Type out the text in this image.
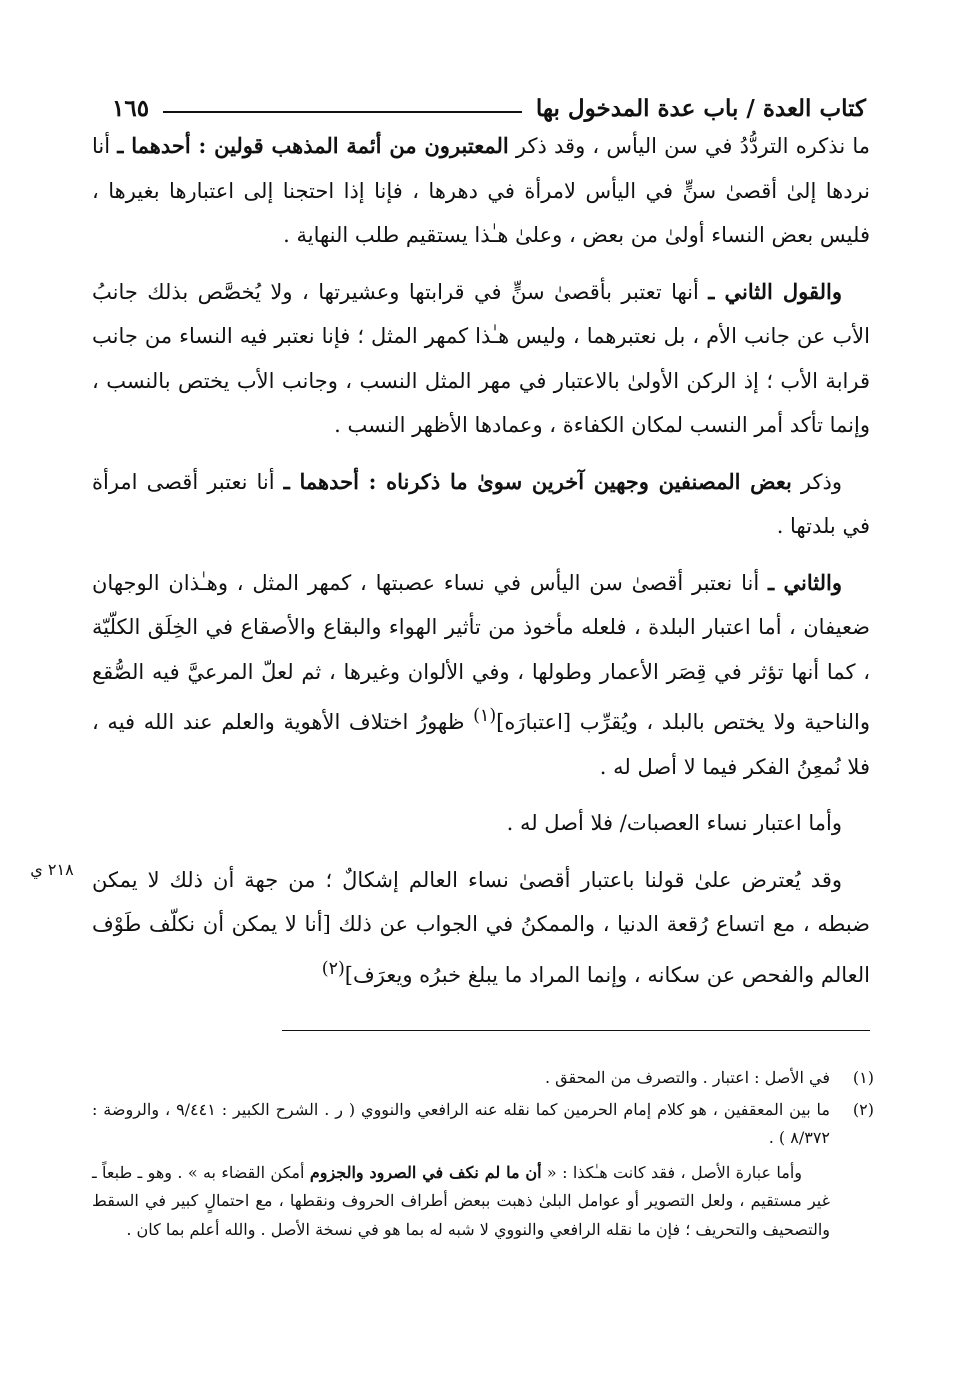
كتاب العدة / باب عدة المدخول بها
١٦٥
٢١٨ ي

ما نذكره التردُّدُ في سن اليأس ، وقد ذكر المعتبرون من أئمة المذهب قولين : أحدهما ـ أنا نردها إلىٰ أقصىٰ سنٍّ في اليأس لامرأة في دهرها ، فإنا إذا احتجنا إلى اعتبارها بغيرها ، فليس بعض النساء أولىٰ من بعض ، وعلىٰ هـٰذا يستقيم طلب النهاية .

والقول الثاني ـ أنها تعتبر بأقصىٰ سنٍّ في قرابتها وعشيرتها ، ولا يُخصَّص بذلك جانبُ الأب عن جانب الأم ، بل نعتبرهما ، وليس هـٰذا كمهر المثل ؛ فإنا نعتبر فيه النساء من جانب قرابة الأب ؛ إذ الركن الأولىٰ بالاعتبار في مهر المثل النسب ، وجانب الأب يختص بالنسب ، وإنما تأكد أمر النسب لمكان الكفاءة ، وعمادها الأظهر النسب .

وذكر بعض المصنفين وجهين آخرين سوىٰ ما ذكرناه : أحدهما ـ أنا نعتبر أقصى امرأة في بلدتها .

والثاني ـ أنا نعتبر أقصىٰ سن اليأس في نساء عصبتها ، كمهر المثل ، وهـٰذان الوجهان ضعيفان ، أما اعتبار البلدة ، فلعله مأخوذ من تأثير الهواء والبقاع والأصقاع في الخِلَق الكلّيّة ، كما أنها تؤثر في قِصَر الأعمار وطولها ، وفي الألوان وغيرها ، ثم لعلّ المرعيَّ فيه الصُّقع والناحية ولا يختص بالبلد ، ويُقرِّب [اعتبارَه]$^{(١)}$ ظهورُ اختلاف الأهوية والعلم عند الله فيه ، فلا نُمعِنُ الفكر فيما لا أصل له .

وأما اعتبار نساء العصبات/ فلا أصل له .

وقد يُعترض علىٰ قولنا باعتبار أقصىٰ نساء العالم إشكالٌ ؛ من جهة أن ذلك لا يمكن ضبطه ، مع اتساع رُقعة الدنيا ، والممكنُ في الجواب عن ذلك [أنا لا يمكن أن نكلّف طَوْف العالم والفحص عن سكانه ، وإنما المراد ما يبلغ خبرُه ويعرَف]$^{(٢)}$

(١)
في الأصل : اعتبار . والتصرف من المحقق .
(٢)
ما بين المعقفين ، هو كلام إمام الحرمين كما نقله عنه الرافعي والنووي ( ر . الشرح الكبير : ٩/٤٤١ ، والروضة : ٨/٣٧٢ ) .

وأما عبارة الأصل ، فقد كانت هـٰكذا : « أن ما لم نكف في الصرود والجزوم أمكن القضاء به » . وهو ـ طبعاً ـ غير مستقيم ، ولعل التصوير أو عوامل البلىٰ ذهبت ببعض أطراف الحروف ونقطها ، مع احتمالٍ كبير في السقط والتصحيف والتحريف ؛ فإن ما نقله الرافعي والنووي لا شبه له بما هو في نسخة الأصل . والله أعلم بما كان .
